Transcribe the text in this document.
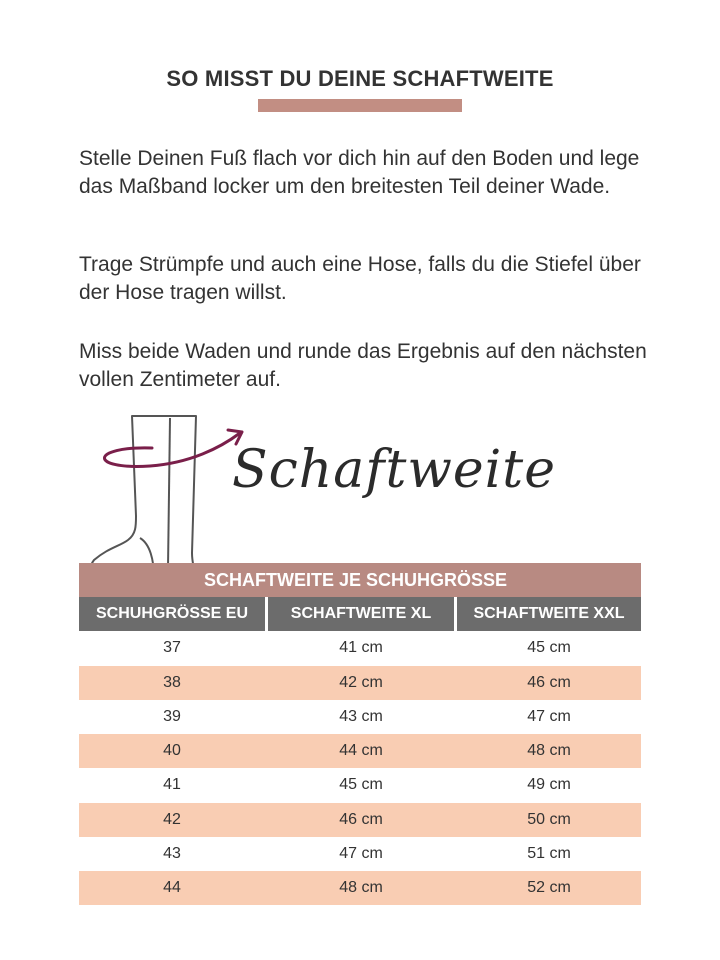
SO MISST DU DEINE SCHAFTWEITE

Stelle Deinen Fuß flach vor dich hin auf den Boden und lege das Maßband locker um den breitesten Teil deiner Wade.

Trage Strümpfe und auch eine Hose, falls du die Stiefel über der Hose tragen willst.

Miss beide Waden und runde das Ergebnis auf den nächsten vollen Zentimeter auf.

Schaftweite
SCHAFTWEITE JE SCHUHGRÖSSE
SCHUHGRÖSSE EU	SCHAFTWEITE XL	SCHAFTWEITE XXL
37	41 cm	45 cm
38	42 cm	46 cm
39	43 cm	47 cm
40	44 cm	48 cm
41	45 cm	49 cm
42	46 cm	50 cm
43	47 cm	51 cm
44	48 cm	52 cm
